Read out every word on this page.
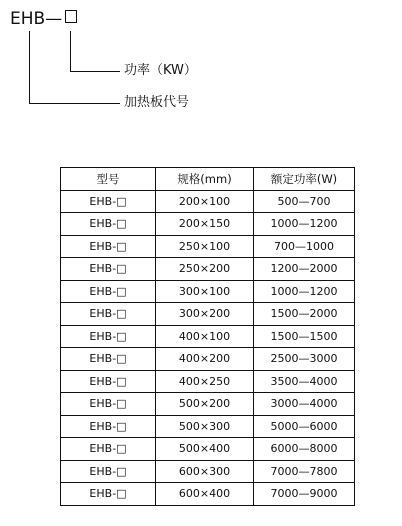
EHB—
功率（KW）
加热板代号
型号	规格(mm)	额定功率(W)
EHB-□	200×100	500—700
EHB-□	200×150	1000—1200
EHB-□	250×100	700—1000
EHB-□	250×200	1200—2000
EHB-□	300×100	1000—1200
EHB-□	300×200	1500—2000
EHB-□	400×100	1500—1500
EHB-□	400×200	2500—3000
EHB-□	400×250	3500—4000
EHB-□	500×200	3000—4000
EHB-□	500×300	5000—6000
EHB-□	500×400	6000—8000
EHB-□	600×300	7000—7800
EHB-□	600×400	7000—9000
